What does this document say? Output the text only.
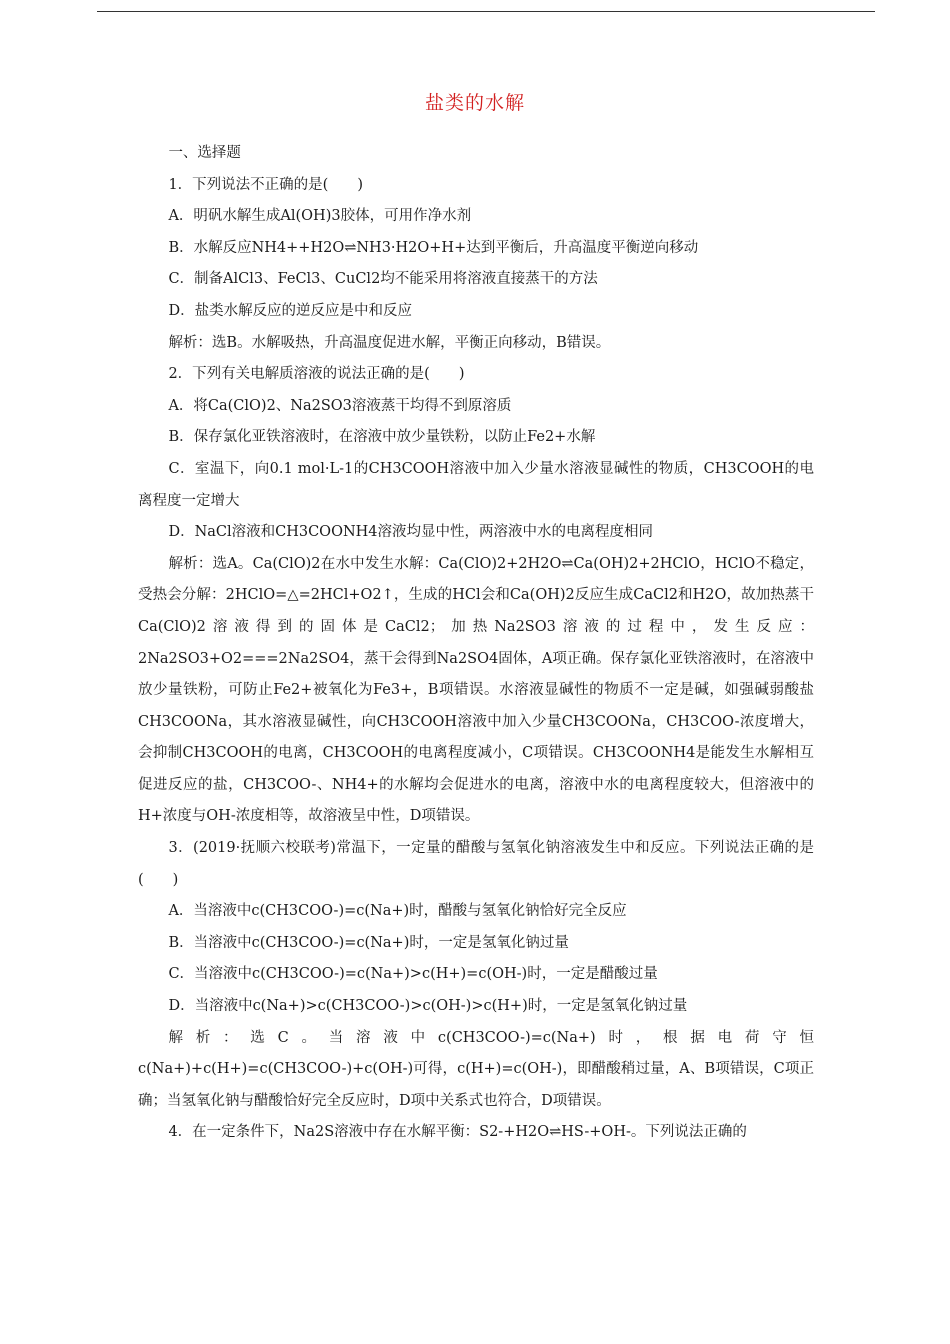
盐类的水解

一、选择题

1．下列说法不正确的是(　　)

A．明矾水解生成Al(OH)3胶体，可用作净水剂

B．水解反应NH4++H2O⇌NH3·H2O+H+达到平衡后，升高温度平衡逆向移动

C．制备AlCl3、FeCl3、CuCl2均不能采用将溶液直接蒸干的方法

D．盐类水解反应的逆反应是中和反应

解析：选B。水解吸热，升高温度促进水解，平衡正向移动，B错误。

2．下列有关电解质溶液的说法正确的是(　　)

A．将Ca(ClO)2、Na2SO3溶液蒸干均得不到原溶质

B．保存氯化亚铁溶液时，在溶液中放少量铁粉，以防止Fe2+水解

C．室温下，向0.1 mol·L-1的CH3COOH溶液中加入少量水溶液显碱性的物质，CH3COOH的电离程度一定增大

D．NaCl溶液和CH3COONH4溶液均显中性，两溶液中水的电离程度相同

解析：选A。Ca(ClO)2在水中发生水解：Ca(ClO)2+2H2O⇌Ca(OH)2+2HClO，HClO不稳定，受热会分解：2HClO=△=2HCl+O2↑，生成的HCl会和Ca(OH)2反应生成CaCl2和H2O，故加热蒸干Ca(ClO)2溶液得到的固体是CaCl2；加热Na2SO3溶液的过程中，发生反应：2Na2SO3+O2===2Na2SO4，蒸干会得到Na2SO4固体，A项正确。保存氯化亚铁溶液时，在溶液中放少量铁粉，可防止Fe2+被氧化为Fe3+，B项错误。水溶液显碱性的物质不一定是碱，如强碱弱酸盐CH3COONa，其水溶液显碱性，向CH3COOH溶液中加入少量CH3COONa，CH3COO-浓度增大，会抑制CH3COOH的电离，CH3COOH的电离程度减小，C项错误。CH3COONH4是能发生水解相互促进反应的盐，CH3COO-、NH4+的水解均会促进水的电离，溶液中水的电离程度较大，但溶液中的H+浓度与OH-浓度相等，故溶液呈中性，D项错误。

3．(2019·抚顺六校联考)常温下，一定量的醋酸与氢氧化钠溶液发生中和反应。下列说法正确的是(　　)

A．当溶液中c(CH3COO-)=c(Na+)时，醋酸与氢氧化钠恰好完全反应

B．当溶液中c(CH3COO-)=c(Na+)时，一定是氢氧化钠过量

C．当溶液中c(CH3COO-)=c(Na+)>c(H+)=c(OH-)时，一定是醋酸过量

D．当溶液中c(Na+)>c(CH3COO-)>c(OH-)>c(H+)时，一定是氢氧化钠过量

解析：选C。当溶液中c(CH3COO-)=c(Na+)时，根据电荷守恒c(Na+)+c(H+)=c(CH3COO-)+c(OH-)可得，c(H+)=c(OH-)，即醋酸稍过量，A、B项错误，C项正确；当氢氧化钠与醋酸恰好完全反应时，D项中关系式也符合，D项错误。

4．在一定条件下，Na2S溶液中存在水解平衡：S2-+H2O⇌HS-+OH-。下列说法正确的
